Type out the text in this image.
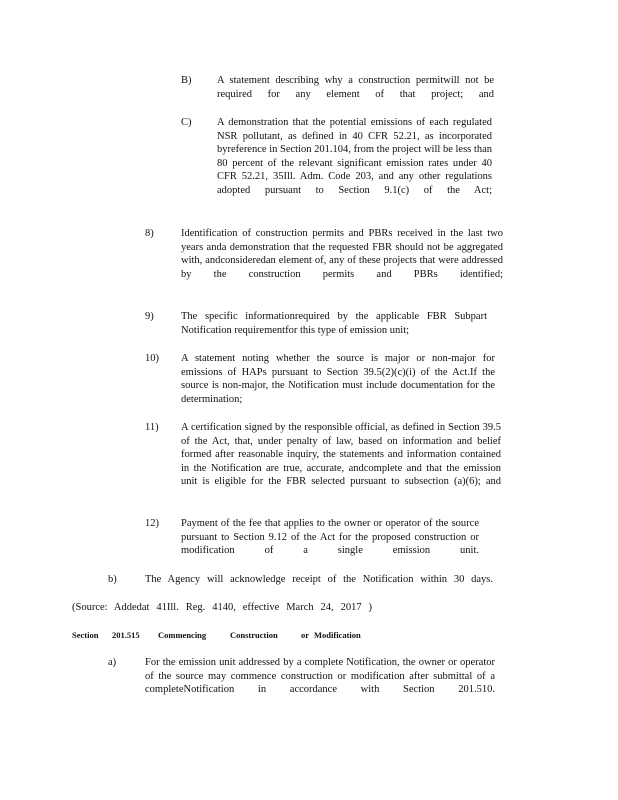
B) A statement describing why a construction permitwill not be required for any element of that project; and
C) A demonstration that the potential emissions of each regulated NSR pollutant, as defined in 40 CFR 52.21, as incorporated byreference in Section 201.104, from the project will be less than 80 percent of the relevant significant emission rates under 40 CFR 52.21, 35Ill. Adm. Code 203, and any other regulations adopted pursuant to Section 9.1(c) of the Act;
8)	Identification of construction permits and PBRs received in the last two years anda demonstration that the requested FBR should not be aggregated with, andconsideredan element of, any of these projects that were addressed by the construction permits and PBRs identified;
9)	The specific informationrequired by the applicable FBR Subpart Notification requirementfor this type of emission unit;
10) A statement noting whether the source is major or non-major for emissions of HAPs pursuant to Section 39.5(2)(c)(i) of the Act.If the source is non-major, the Notification must include documentation for the determination;
11) A certification signed by the responsible official, as defined in Section 39.5 of the Act, that, under penalty of law, based on information and belief formed after reasonable inquiry, the statements and information contained in the Notification are true, accurate, andcomplete and that the emission unit is eligible for the FBR selected pursuant to subsection (a)(6); and
12) Payment of the fee that applies to the owner or operator of the source pursuant to Section 9.12 of the Act for the proposed construction or modification of a single emission unit.
b)	The Agency will acknowledge receipt of the Notification within 30 days.
(Source: Addedat 41Ill. Reg. 4140, effective March 24, 2017 )
Section 201.515 Commencing	Construction	or Modification
a)	For the emission unit addressed by a complete Notification, the owner or operator of the source may commence construction or modification after submittal of a completeNotification in accordance with Section 201.510.
